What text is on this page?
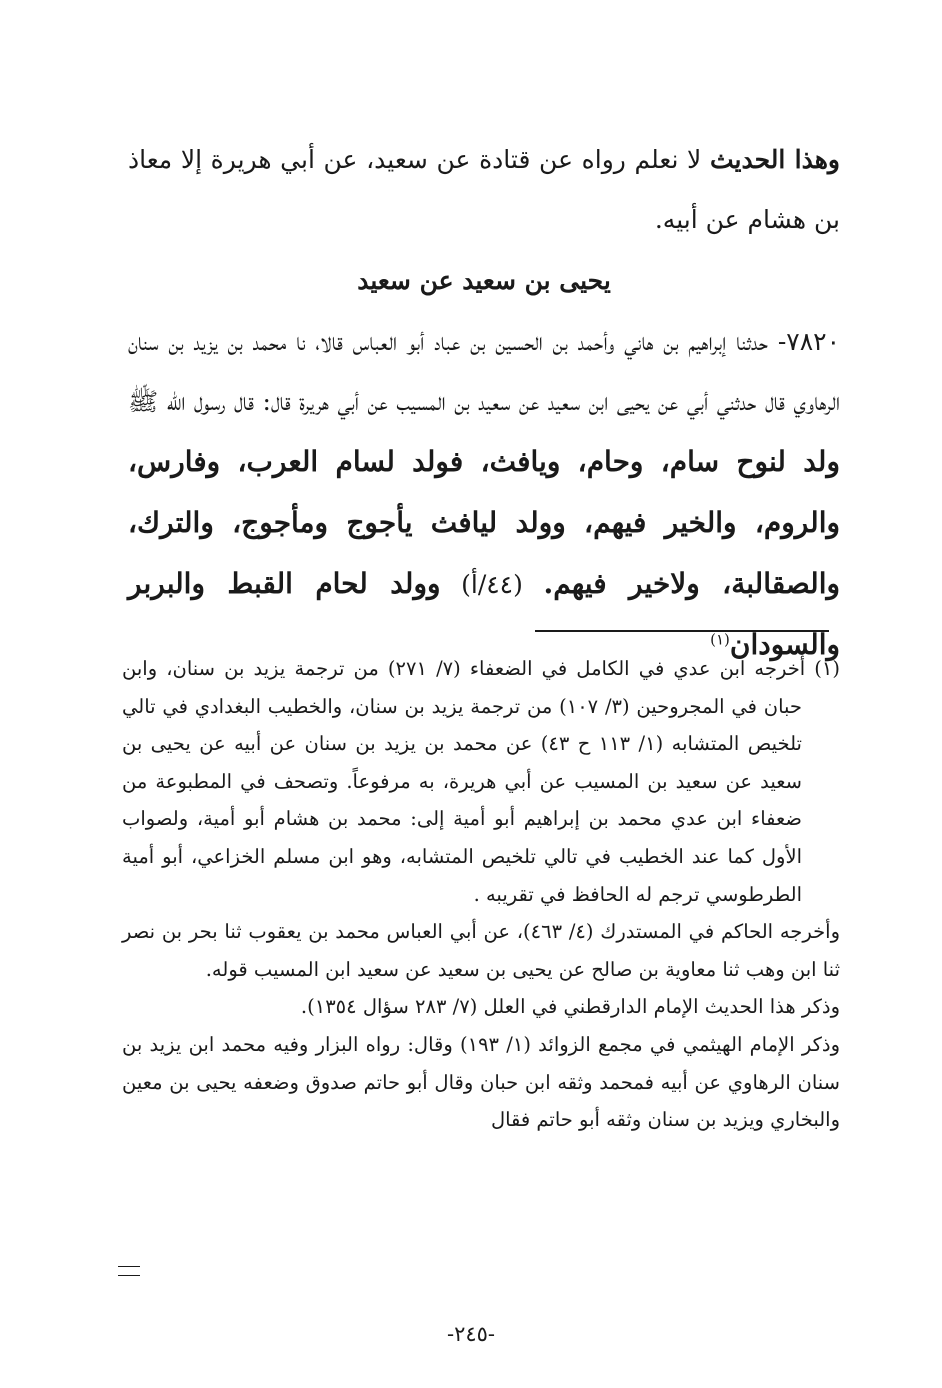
وهذا الحديث لا نعلم رواه عن قتادة عن سعيد، عن أبي هريرة إلا معاذ بن هشام عن أبيه.

يحيى بن سعيد عن سعيد

٧٨٢٠- حدثنا إبراهيم بن هاني وأحمد بن الحسين بن عباد أبو العباس قالا، نا محمد بن يزيد بن سنان الرهاوي قال حدثني أبي عن يحيى ابن سعيد عن سعيد بن المسيب عن أبي هريرة قال: قال رسول الله ﷺ ولد لنوح سام، وحام، ويافث، فولد لسام العرب، وفارس، والروم، والخير فيهم، وولد ليافث يأجوج ومأجوج، والترك، والصقالبة، ولاخير فيهم. (٤٤/أ) وولد لحام القبط والبربر والسودان$^{(١)}$

(١) أخرجه ابن عدي في الكامل في الضعفاء (٧/ ٢٧١) من ترجمة يزيد بن سنان، وابن حبان في المجروحين (٣/ ١٠٧) من ترجمة يزيد بن سنان، والخطيب البغدادي في تالي تلخيص المتشابه (١/ ١١٣ ح ٤٣) عن محمد بن يزيد بن سنان عن أبيه عن يحيى بن سعيد عن سعيد بن المسيب عن أبي هريرة، به مرفوعاً. وتصحف في المطبوعة من ضعفاء ابن عدي محمد بن إبراهيم أبو أمية إلى: محمد بن هشام أبو أمية، ولصواب الأول كما عند الخطيب في تالي تلخيص المتشابه، وهو ابن مسلم الخزاعي، أبو أمية الطرطوسي ترجم له الحافظ في تقريبه .

وأخرجه الحاكم في المستدرك (٤/ ٤٦٣)، عن أبي العباس محمد بن يعقوب ثنا بحر بن نصر ثنا ابن وهب ثنا معاوية بن صالح عن يحيى بن سعيد عن سعيد ابن المسيب قوله.

وذكر هذا الحديث الإمام الدارقطني في العلل (٧/ ٢٨٣ سؤال ١٣٥٤).

وذكر الإمام الهيثمي في مجمع الزوائد (١/ ١٩٣) وقال: رواه البزار وفيه محمد ابن يزيد بن سنان الرهاوي عن أبيه فمحمد وثقه ابن حبان وقال أبو حاتم صدوق وضعفه يحيى بن معين والبخاري ويزيد بن سنان وثقه أبو حاتم فقال

-٢٤٥-
